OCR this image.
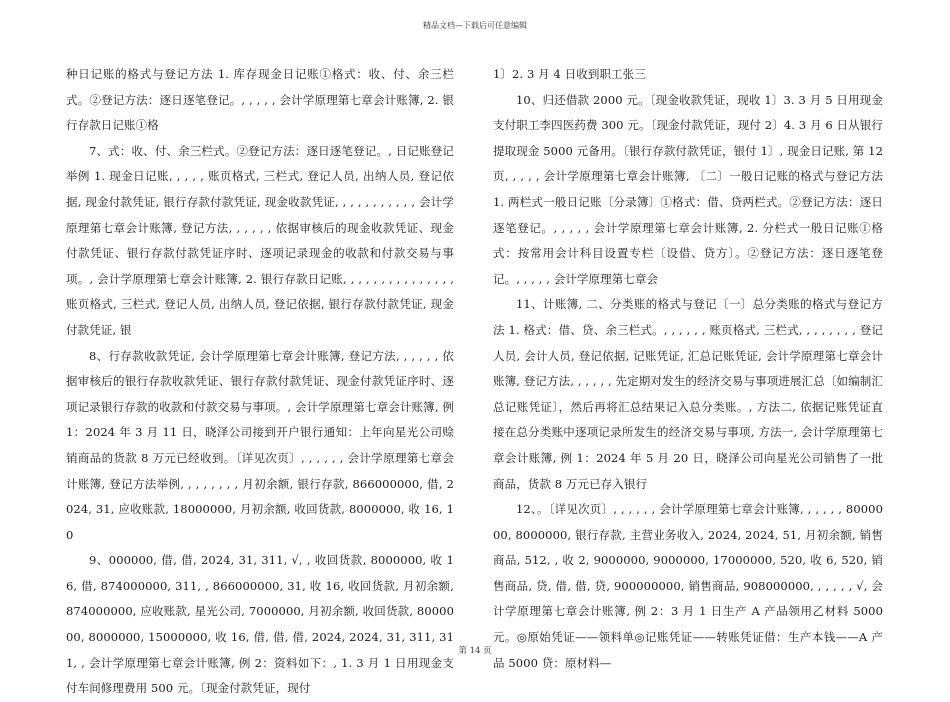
精品文档—下载后可任意编辑

种日记账的格式与登记方法 1. 库存现金日记账①格式：收、付、余三栏式。②登记方法：逐日逐笔登记。, , , , , 会计学原理第七章会计账簿, 2. 银行存款日记账①格

7、式：收、付、余三栏式。②登记方法：逐日逐笔登记。, 日记账登记举例 1. 现金日记账, , , , , 账页格式, 三栏式, 登记人员, 出纳人员, 登记依据, 现金付款凭证, 银行存款付款凭证, 现金收款凭证, , , , , , , , , , , 会计学原理第七章会计账簿, 登记方法, , , , , , 依据审核后的现金收款凭证、现金付款凭证、银行存款付款凭证序时、逐项记录现金的收款和付款交易与事项。, 会计学原理第七章会计账簿, 2. 银行存款日记账, , , , , , , , , , , , , , , 账页格式, 三栏式, 登记人员, 出纳人员, 登记依据, 银行存款付款凭证, 现金付款凭证, 银

8、行存款收款凭证, 会计学原理第七章会计账簿, 登记方法, , , , , , 依据审核后的银行存款收款凭证、银行存款付款凭证、现金付款凭证序时、逐项记录银行存款的收款和付款交易与事项。, 会计学原理第七章会计账簿, 例 1：2024 年 3 月 11 日，晓泽公司接到开户银行通知：上年向星光公司赊销商品的货款 8 万元已经收到。〔详见次页〕, , , , , , 会计学原理第七章会计账簿, 登记方法举例, , , , , , , , 月初余额, 银行存款, 866000000, 借, 2024, 31, 应收账款, 18000000, 月初余额, 收回货款, 8000000, 收 16, 10

9、000000, 借, 借, 2024, 31, 311, √, , 收回货款, 8000000, 收 16, 借, 874000000, 311, , 866000000, 31, 收 16, 收回货款, 月初余额, 874000000, 应收账款, 星光公司, 7000000, 月初余额, 收回货款, 8000000, 8000000, 15000000, 收 16, 借, 借, 借, 2024, 2024, 31, 311, 311, , 会计学原理第七章会计账簿, 例 2：资料如下：, 1. 3 月 1 日用现金支付车间修理费用 500 元。〔现金付款凭证，现付

1〕2. 3 月 4 日收到职工张三

10、归还借款 2000 元。〔现金收款凭证，现收 1〕3. 3 月 5 日用现金支付职工李四医药费 300 元。〔现金付款凭证，现付 2〕4. 3 月 6 日从银行提取现金 5000 元备用。〔银行存款付款凭证，银付 1〕, 现金日记账, 第 12 页, , , , , 会计学原理第七章会计账簿, 〔二〕一般日记账的格式与登记方法 1. 两栏式一般日记账〔分录簿〕①格式：借、贷两栏式。②登记方法：逐日逐笔登记。, , , , , 会计学原理第七章会计账簿, 2. 分栏式一般日记账①格式：按常用会计科目设置专栏〔设借、贷方〕。②登记方法：逐日逐笔登记。, , , , , 会计学原理第七章会

11、计账簿, 二、分类账的格式与登记〔一〕总分类账的格式与登记方法 1. 格式：借、贷、余三栏式。, , , , , , 账页格式, 三栏式, , , , , , , , 登记人员, 会计人员, 登记依据, 记账凭证, 汇总记账凭证, 会计学原理第七章会计账簿, 登记方法, , , , , , 先定期对发生的经济交易与事项进展汇总〔如编制汇总记账凭证〕，然后再将汇总结果记入总分类账。, 方法二, 依据记账凭证直接在总分类账中逐项记录所发生的经济交易与事项, 方法一, 会计学原理第七章会计账簿, 例 1：2024 年 5 月 20 日，晓泽公司向星光公司销售了一批商品，货款 8 万元已存入银行

12、。〔详见次页〕, , , , , , 会计学原理第七章会计账簿, , , , , , 8000000, 8000000, 银行存款, 主营业务收入, 2024, 2024, 51, 月初余额, 销售商品, 512, , 收 2, 9000000, 9000000, 17000000, 520, 收 6, 520, 销售商品, 贷, 借, 借, 贷, 900000000, 销售商品, 908000000, , , , , , √, 会计学原理第七章会计账簿, 例 2：3 月 1 日生产 A 产品领用乙材料 5000 元。◎原始凭证——领料单◎记账凭证——转账凭证借：生产本钱——A 产品 5000 贷：原材料—

第 14 页
